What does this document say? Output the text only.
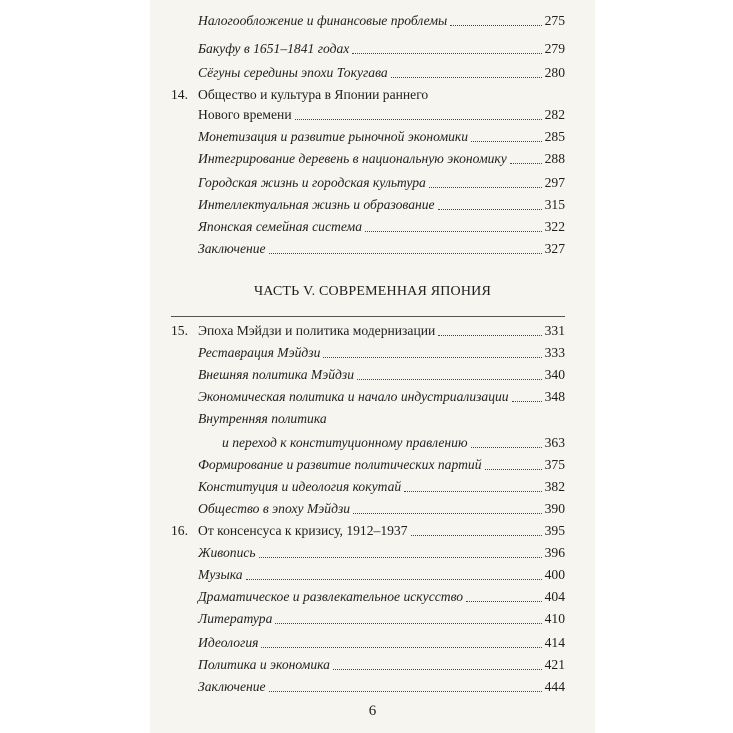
Налогообложение и финансовые проблемы	275
Бакуфу в 1651–1841 годах	279
Сёгуны середины эпохи Токугава	280
14. Общество и культура в Японии раннего
Нового времени	282
Монетизация и развитие рыночной экономики	285
Интегрирование деревень в национальную экономику	288
Городская жизнь и городская культура	297
Интеллектуальная жизнь и образование	315
Японская семейная система	322
Заключение	327
15. Эпоха Мэйдзи и политика модернизации	331
Реставрация Мэйдзи	333
Внешняя политика Мэйдзи	340
Экономическая политика и начало индустриализации	348
Внутренняя политика
и переход к конституционному правлению	363
Формирование и развитие политических партий	375
Конституция и идеология кокутай	382
Общество в эпоху Мэйдзи	390
16. От консенсуса к кризису, 1912–1937	395
Живопись	396
Музыка	400
Драматическое и развлекательное искусство	404
Литература	410
Идеология	414
Политика и экономика	421
Заключение	444
ЧАСТЬ V. СОВРЕМЕННАЯ ЯПОНИЯ
6
